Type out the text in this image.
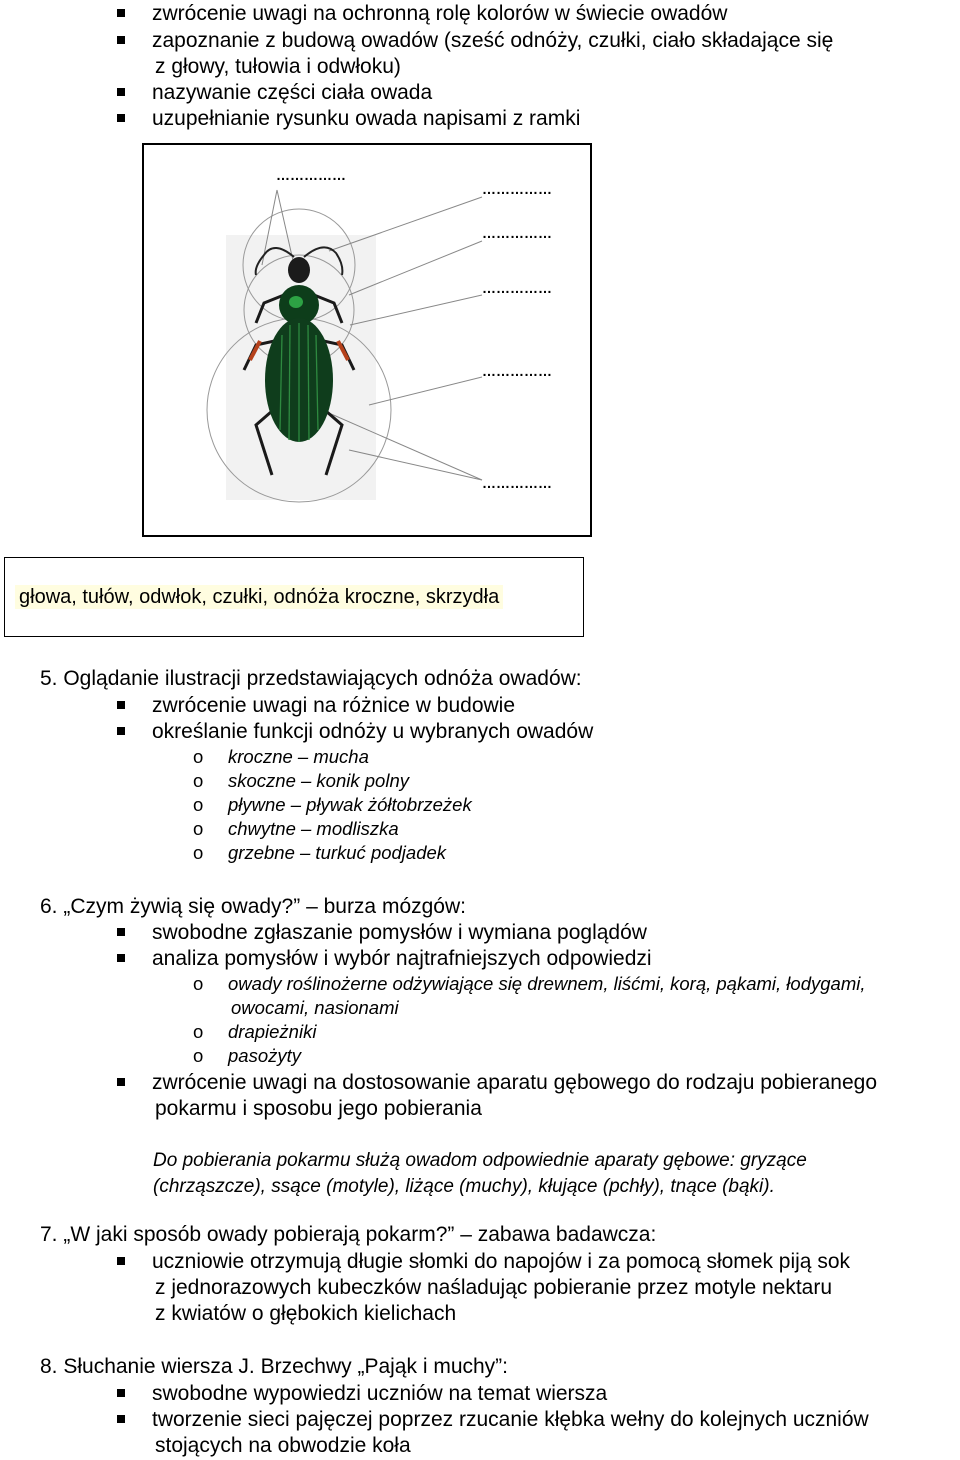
zwrócenie uwagi na ochronną rolę kolorów w świecie owadów
zapoznanie z budową owadów (sześć odnóży, czułki, ciało składające się
z głowy, tułowia i odwłoku)
nazywanie części ciała owada
uzupełnianie rysunku owada napisami z ramki
……………
……………
……………
……………
……………
……………
głowa, tułów, odwłok, czułki, odnóża kroczne, skrzydła
5. Oglądanie ilustracji przedstawiających odnóża owadów:
zwrócenie uwagi na różnice w budowie
określanie funkcji odnóży u wybranych owadów
o kroczne – mucha
o skoczne – konik polny
o pływne – pływak żółtobrzeżek
o chwytne – modliszka
o grzebne – turkuć podjadek
6. „Czym żywią się owady?” – burza mózgów:
swobodne zgłaszanie pomysłów i wymiana poglądów
analiza pomysłów i wybór najtrafniejszych odpowiedzi
o owady roślinożerne odżywiające się drewnem, liśćmi, korą, pąkami, łodygami,
owocami, nasionami
o drapieżniki
o pasożyty
zwrócenie uwagi na dostosowanie aparatu gębowego do rodzaju pobieranego
pokarmu i sposobu jego pobierania
Do pobierania pokarmu służą owadom odpowiednie aparaty gębowe: gryzące
(chrząszcze), ssące (motyle), liżące (muchy), kłujące (pchły), tnące (bąki).
7. „W jaki sposób owady pobierają pokarm?” – zabawa badawcza:
uczniowie otrzymują długie słomki do napojów i za pomocą słomek piją sok
z jednorazowych kubeczków naśladując pobieranie przez motyle nektaru
z kwiatów o głębokich kielichach
8. Słuchanie wiersza J. Brzechwy „Pająk i muchy”:
swobodne wypowiedzi uczniów na temat wiersza
tworzenie sieci pajęczej poprzez rzucanie kłębka wełny do kolejnych uczniów
stojących na obwodzie koła
